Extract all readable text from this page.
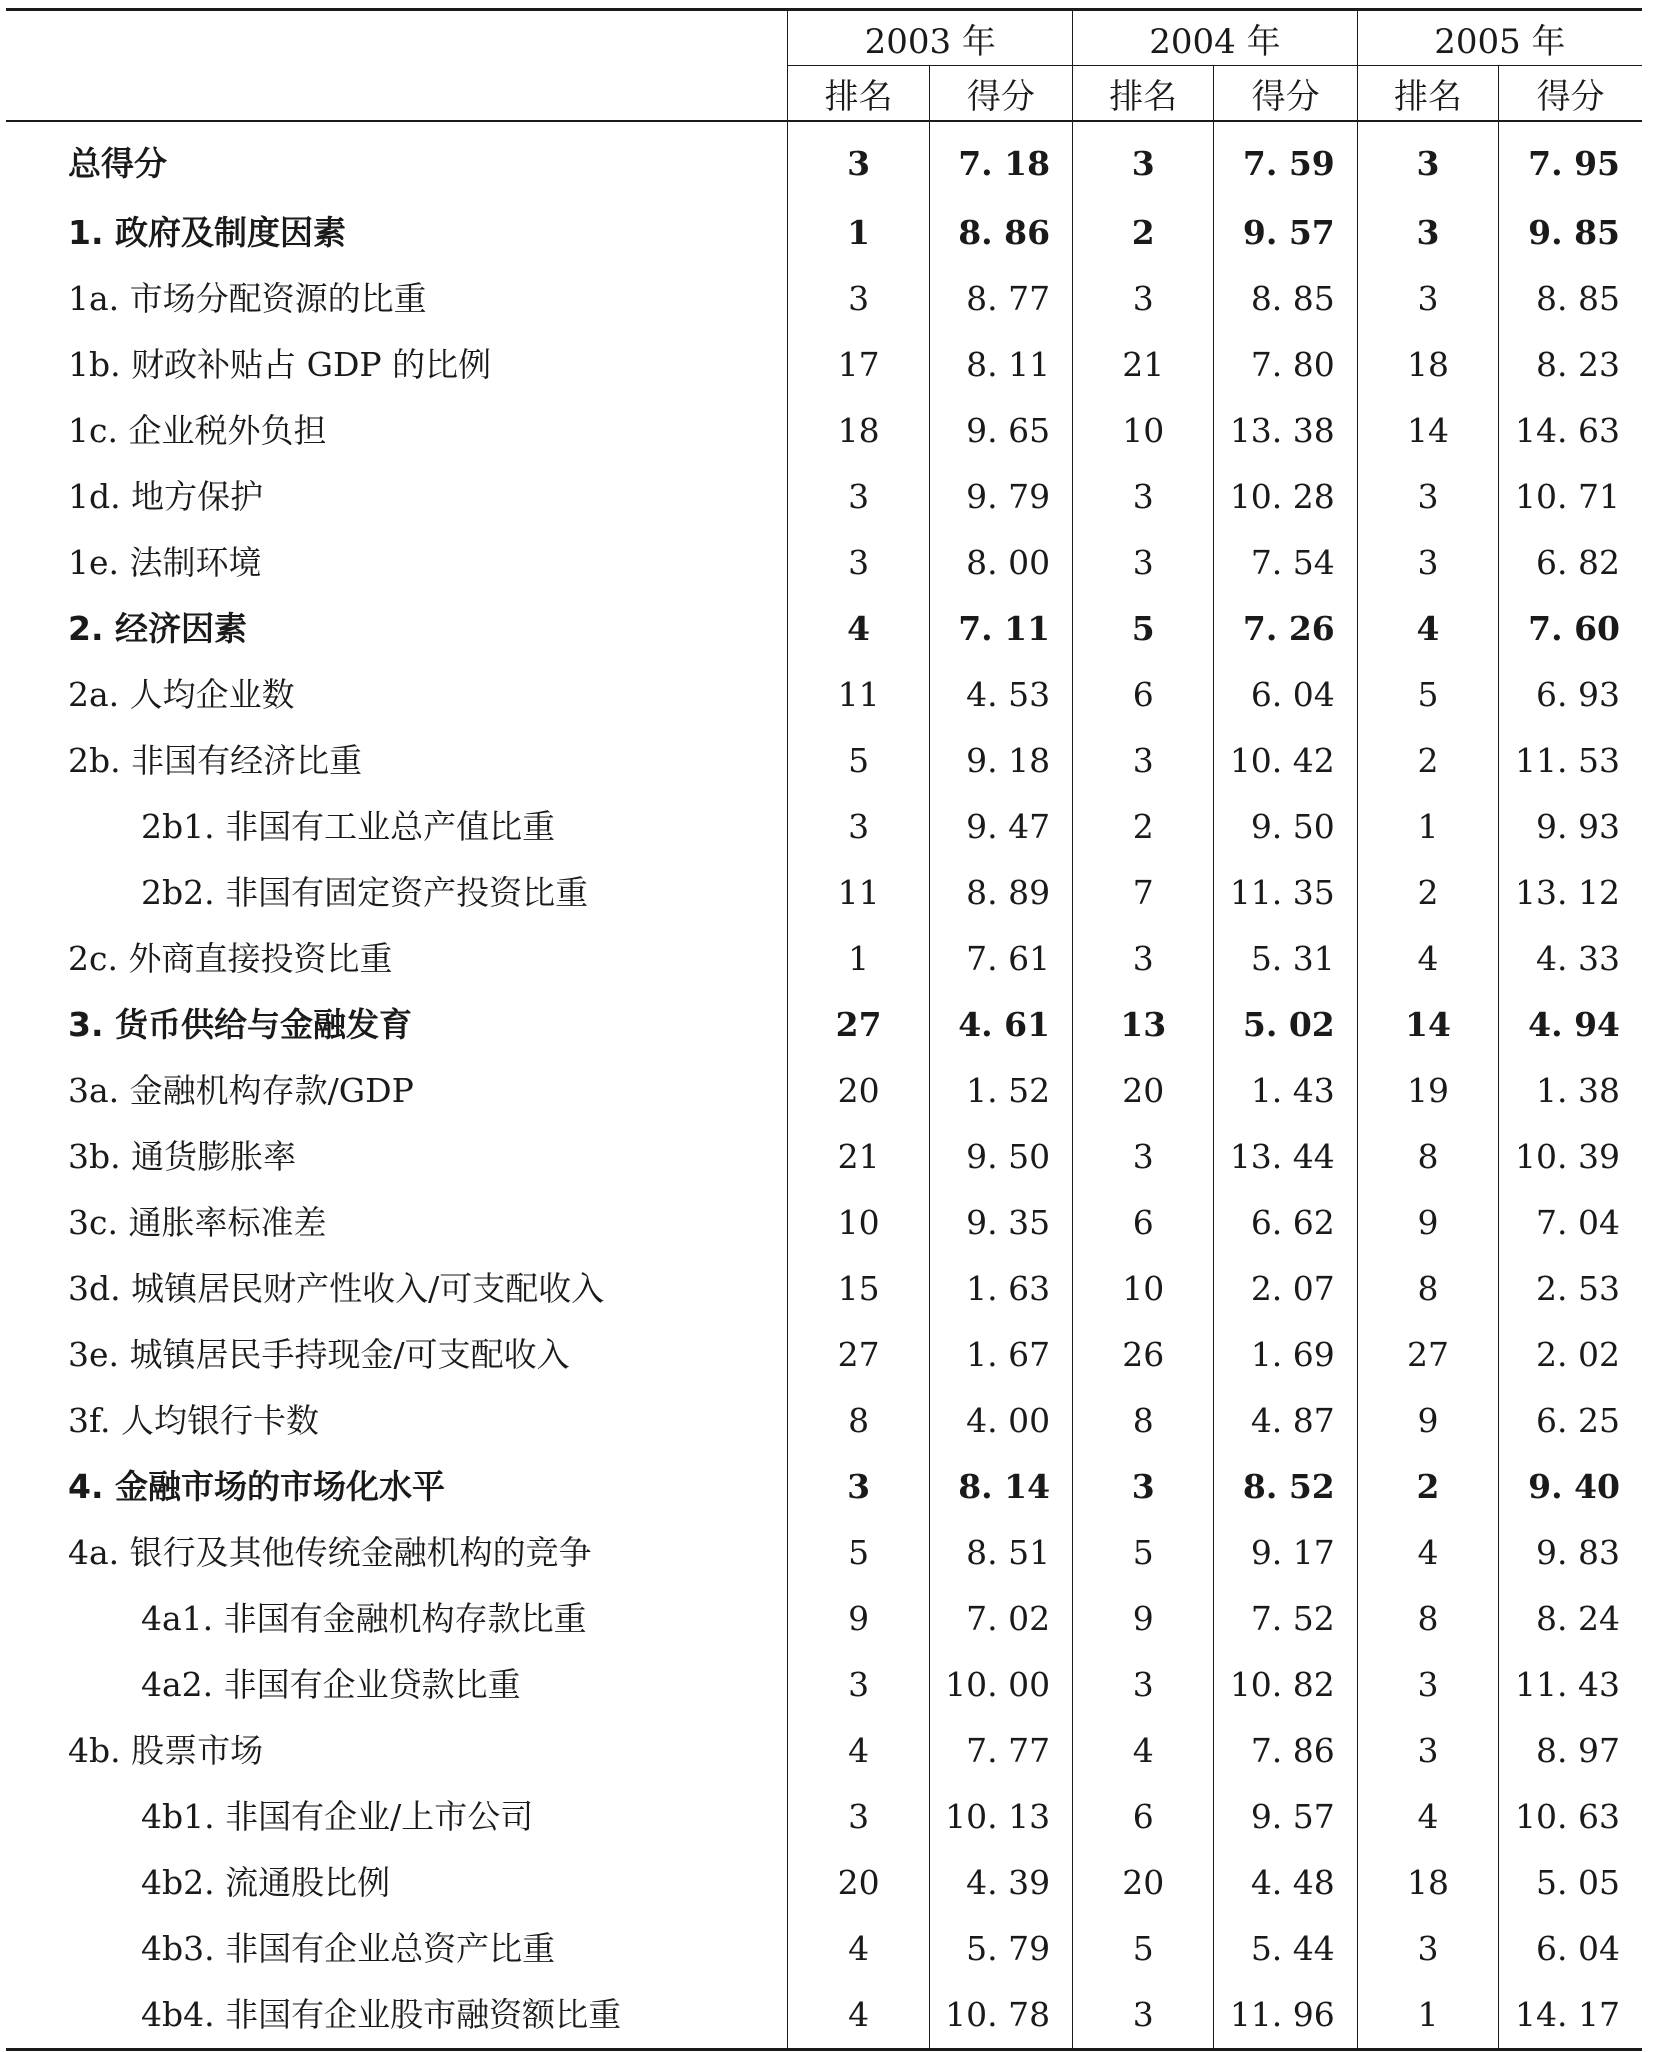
	2003 年		2004 年		2005 年	
	排名	得分	排名	得分	排名	得分
总得分	3	7. 18	3	7. 59	3	7. 95
1. 政府及制度因素	1	8. 86	2	9. 57	3	9. 85
1a. 市场分配资源的比重	3	8. 77	3	8. 85	3	8. 85
1b. 财政补贴占 GDP 的比例	17	8. 11	21	7. 80	18	8. 23
1c. 企业税外负担	18	9. 65	10	13. 38	14	14. 63
1d. 地方保护	3	9. 79	3	10. 28	3	10. 71
1e. 法制环境	3	8. 00	3	7. 54	3	6. 82
2. 经济因素	4	7. 11	5	7. 26	4	7. 60
2a. 人均企业数	11	4. 53	6	6. 04	5	6. 93
2b. 非国有经济比重	5	9. 18	3	10. 42	2	11. 53
2b1. 非国有工业总产值比重	3	9. 47	2	9. 50	1	9. 93
2b2. 非国有固定资产投资比重	11	8. 89	7	11. 35	2	13. 12
2c. 外商直接投资比重	1	7. 61	3	5. 31	4	4. 33
3. 货币供给与金融发育	27	4. 61	13	5. 02	14	4. 94
3a. 金融机构存款/GDP	20	1. 52	20	1. 43	19	1. 38
3b. 通货膨胀率	21	9. 50	3	13. 44	8	10. 39
3c. 通胀率标准差	10	9. 35	6	6. 62	9	7. 04
3d. 城镇居民财产性收入/可支配收入	15	1. 63	10	2. 07	8	2. 53
3e. 城镇居民手持现金/可支配收入	27	1. 67	26	1. 69	27	2. 02
3f. 人均银行卡数	8	4. 00	8	4. 87	9	6. 25
4. 金融市场的市场化水平	3	8. 14	3	8. 52	2	9. 40
4a. 银行及其他传统金融机构的竞争	5	8. 51	5	9. 17	4	9. 83
4a1. 非国有金融机构存款比重	9	7. 02	9	7. 52	8	8. 24
4a2. 非国有企业贷款比重	3	10. 00	3	10. 82	3	11. 43
4b. 股票市场	4	7. 77	4	7. 86	3	8. 97
4b1. 非国有企业/上市公司	3	10. 13	6	9. 57	4	10. 63
4b2. 流通股比例	20	4. 39	20	4. 48	18	5. 05
4b3. 非国有企业总资产比重	4	5. 79	5	5. 44	3	6. 04
4b4. 非国有企业股市融资额比重	4	10. 78	3	11. 96	1	14. 17
